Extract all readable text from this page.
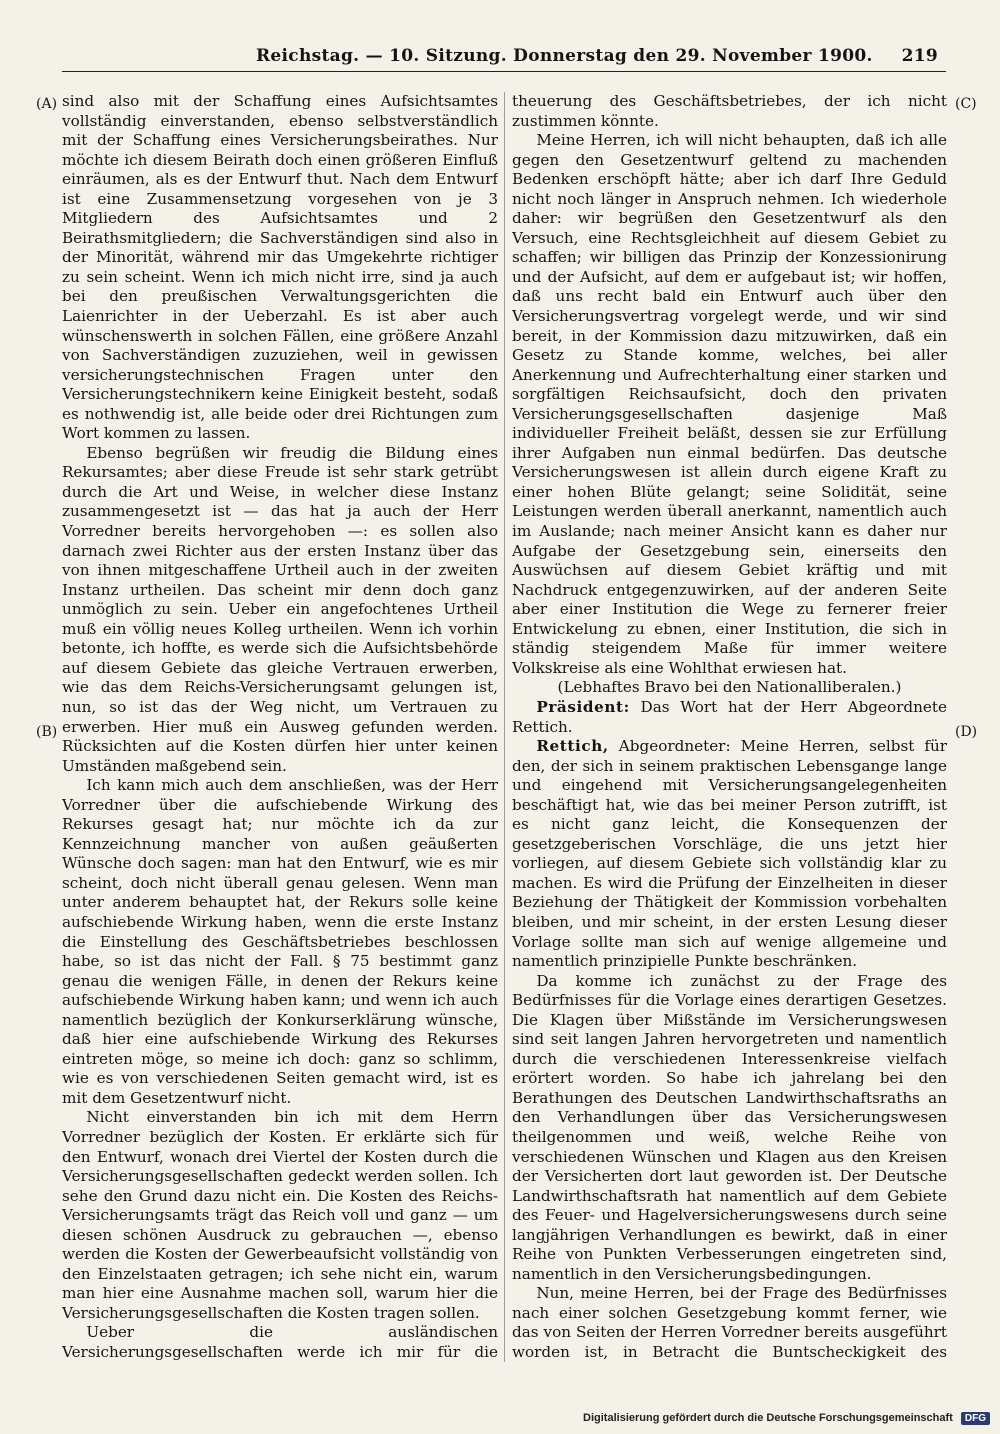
Reichstag. — 10. Sitzung. Donnerstag den 29. November 1900. 219
(A)
(B)
(C)
(D)

sind also mit der Schaffung eines Aufsichtsamtes vollständig einverstanden, ebenso selbstverständlich mit der Schaffung eines Versicherungsbeirathes. Nur möchte ich diesem Beirath doch einen größeren Einfluß einräumen, als es der Entwurf thut. Nach dem Entwurf ist eine Zusammensetzung vorgesehen von je 3 Mitgliedern des Aufsichtsamtes und 2 Beirathsmitgliedern; die Sachverständigen sind also in der Minorität, während mir das Umgekehrte richtiger zu sein scheint. Wenn ich mich nicht irre, sind ja auch bei den preußischen Verwaltungsgerichten die Laienrichter in der Ueberzahl. Es ist aber auch wünschenswerth in solchen Fällen, eine größere Anzahl von Sachverständigen zuzuziehen, weil in gewissen versicherungstechnischen Fragen unter den Versicherungstechnikern keine Einigkeit besteht, sodaß es nothwendig ist, alle beide oder drei Richtungen zum Wort kommen zu lassen.

Ebenso begrüßen wir freudig die Bildung eines Rekursamtes; aber diese Freude ist sehr stark getrübt durch die Art und Weise, in welcher diese Instanz zusammengesetzt ist — das hat ja auch der Herr Vorredner bereits hervorgehoben —: es sollen also darnach zwei Richter aus der ersten Instanz über das von ihnen mitgeschaffene Urtheil auch in der zweiten Instanz urtheilen. Das scheint mir denn doch ganz unmöglich zu sein. Ueber ein angefochtenes Urtheil muß ein völlig neues Kolleg urtheilen. Wenn ich vorhin betonte, ich hoffte, es werde sich die Aufsichtsbehörde auf diesem Gebiete das gleiche Vertrauen erwerben, wie das dem Reichs-Versicherungsamt gelungen ist, nun, so ist das der Weg nicht, um Vertrauen zu erwerben. Hier muß ein Ausweg gefunden werden. Rücksichten auf die Kosten dürfen hier unter keinen Umständen maßgebend sein.

Ich kann mich auch dem anschließen, was der Herr Vorredner über die aufschiebende Wirkung des Rekurses gesagt hat; nur möchte ich da zur Kennzeichnung mancher von außen geäußerten Wünsche doch sagen: man hat den Entwurf, wie es mir scheint, doch nicht überall genau gelesen. Wenn man unter anderem behauptet hat, der Rekurs solle keine aufschiebende Wirkung haben, wenn die erste Instanz die Einstellung des Geschäftsbetriebes beschlossen habe, so ist das nicht der Fall. § 75 bestimmt ganz genau die wenigen Fälle, in denen der Rekurs keine aufschiebende Wirkung haben kann; und wenn ich auch namentlich bezüglich der Konkurserklärung wünsche, daß hier eine aufschiebende Wirkung des Rekurses eintreten möge, so meine ich doch: ganz so schlimm, wie es von verschiedenen Seiten gemacht wird, ist es mit dem Gesetzentwurf nicht.

Nicht einverstanden bin ich mit dem Herrn Vorredner bezüglich der Kosten. Er erklärte sich für den Entwurf, wonach drei Viertel der Kosten durch die Versicherungsgesellschaften gedeckt werden sollen. Ich sehe den Grund dazu nicht ein. Die Kosten des Reichs-Versicherungsamts trägt das Reich voll und ganz — um diesen schönen Ausdruck zu gebrauchen —, ebenso werden die Kosten der Gewerbeaufsicht vollständig von den Einzelstaaten getragen; ich sehe nicht ein, warum man hier eine Ausnahme machen soll, warum hier die Versicherungsgesellschaften die Kosten tragen sollen.

Ueber die ausländischen Versicherungsgesellschaften werde ich mir für die

theuerung des Geschäftsbetriebes, der ich nicht zustimmen könnte.

Meine Herren, ich will nicht behaupten, daß ich alle gegen den Gesetzentwurf geltend zu machenden Bedenken erschöpft hätte; aber ich darf Ihre Geduld nicht noch länger in Anspruch nehmen. Ich wiederhole daher: wir begrüßen den Gesetzentwurf als den Versuch, eine Rechtsgleichheit auf diesem Gebiet zu schaffen; wir billigen das Prinzip der Konzessionirung und der Aufsicht, auf dem er aufgebaut ist; wir hoffen, daß uns recht bald ein Entwurf auch über den Versicherungsvertrag vorgelegt werde, und wir sind bereit, in der Kommission dazu mitzuwirken, daß ein Gesetz zu Stande komme, welches, bei aller Anerkennung und Aufrechterhaltung einer starken und sorgfältigen Reichsaufsicht, doch den privaten Versicherungsgesellschaften dasjenige Maß individueller Freiheit beläßt, dessen sie zur Erfüllung ihrer Aufgaben nun einmal bedürfen. Das deutsche Versicherungswesen ist allein durch eigene Kraft zu einer hohen Blüte gelangt; seine Solidität, seine Leistungen werden überall anerkannt, namentlich auch im Auslande; nach meiner Ansicht kann es daher nur Aufgabe der Gesetzgebung sein, einerseits den Auswüchsen auf diesem Gebiet kräftig und mit Nachdruck entgegenzuwirken, auf der anderen Seite aber einer Institution die Wege zu fernerer freier Entwickelung zu ebnen, einer Institution, die sich in ständig steigendem Maße für immer weitere Volkskreise als eine Wohlthat erwiesen hat.

(Lebhaftes Bravo bei den Nationalliberalen.)

Präsident: Das Wort hat der Herr Abgeordnete Rettich.

Rettich, Abgeordneter: Meine Herren, selbst für den, der sich in seinem praktischen Lebensgange lange und eingehend mit Versicherungsangelegenheiten beschäftigt hat, wie das bei meiner Person zutrifft, ist es nicht ganz leicht, die Konsequenzen der gesetzgeberischen Vorschläge, die uns jetzt hier vorliegen, auf diesem Gebiete sich vollständig klar zu machen. Es wird die Prüfung der Einzelheiten in dieser Beziehung der Thätigkeit der Kommission vorbehalten bleiben, und mir scheint, in der ersten Lesung dieser Vorlage sollte man sich auf wenige allgemeine und namentlich prinzipielle Punkte beschränken.

Da komme ich zunächst zu der Frage des Bedürfnisses für die Vorlage eines derartigen Gesetzes. Die Klagen über Mißstände im Versicherungswesen sind seit langen Jahren hervorgetreten und namentlich durch die verschiedenen Interessenkreise vielfach erörtert worden. So habe ich jahrelang bei den Berathungen des Deutschen Landwirthschaftsraths an den Verhandlungen über das Versicherungswesen theilgenommen und weiß, welche Reihe von verschiedenen Wünschen und Klagen aus den Kreisen der Versicherten dort laut geworden ist. Der Deutsche Landwirthschaftsrath hat namentlich auf dem Gebiete des Feuer- und Hagelversicherungswesens durch seine langjährigen Verhandlungen es bewirkt, daß in einer Reihe von Punkten Verbesserungen eingetreten sind, namentlich in den Versicherungsbedingungen.

Nun, meine Herren, bei der Frage des Bedürfnisses nach einer solchen Gesetzgebung kommt ferner, wie das von Seiten der Herren Vorredner bereits ausgeführt worden ist, in Betracht die Buntscheckigkeit des

Digitalisierung gefördert durch die Deutsche Forschungsgemeinschaft DFG
